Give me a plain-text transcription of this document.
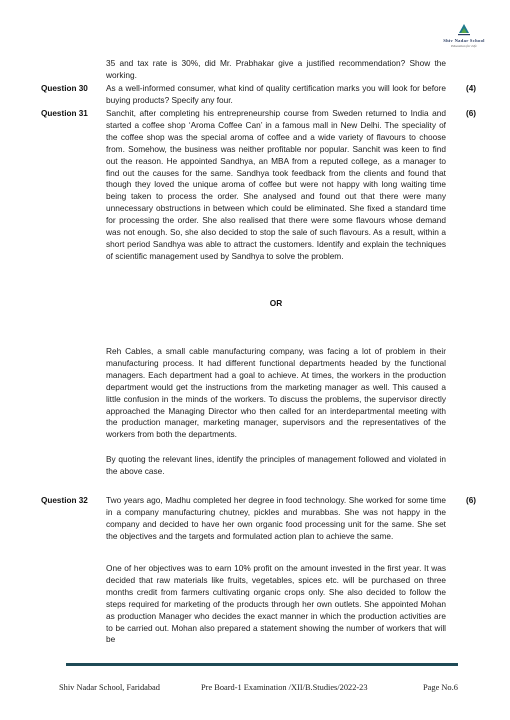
Shiv Nadar School
Education for Life

35 and tax rate is 30%, did Mr. Prabhakar give a justified recommendation? Show the working.

Question 30 As a well-informed consumer, what kind of quality certification marks you will look for before buying products? Specify any four.

(4)
Question 31 Sanchit, after completing his entrepreneurship course from Sweden returned to India and started a coffee shop ‘Aroma Coffee Can’ in a famous mall in New Delhi. The speciality of the coffee shop was the special aroma of coffee and a wide variety of flavours to choose from. Somehow, the business was neither profitable nor popular. Sanchit was keen to find out the reason. He appointed Sandhya, an MBA from a reputed college, as a manager to find out the causes for the same. Sandhya took feedback from the clients and found that though they loved the unique aroma of coffee but were not happy with long waiting time being taken to process the order. She analysed and found out that there were many unnecessary obstructions in between which could be eliminated. She fixed a standard time for processing the order. She also realised that there were some flavours whose demand was not enough. So, she also decided to stop the sale of such flavours. As a result, within a short period Sandhya was able to attract the customers. Identify and explain the techniques of scientific management used by Sandhya to solve the problem.

(6)
OR

Reh Cables, a small cable manufacturing company, was facing a lot of problem in their manufacturing process. It had different functional departments headed by the functional managers. Each department had a goal to achieve. At times, the workers in the production department would get the instructions from the marketing manager as well. This caused a little confusion in the minds of the workers. To discuss the problems, the supervisor directly approached the Managing Director who then called for an interdepartmental meeting with the production manager, marketing manager, supervisors and the representatives of the workers from both the departments.

By quoting the relevant lines, identify the principles of management followed and violated in the above case.

Question 32 Two years ago, Madhu completed her degree in food technology. She worked for some time in a company manufacturing chutney, pickles and murabbas. She was not happy in the company and decided to have her own organic food processing unit for the same. She set the objectives and the targets and formulated action plan to achieve the same.

One of her objectives was to earn 10% profit on the amount invested in the first year. It was decided that raw materials like fruits, vegetables, spices etc. will be purchased on three months credit from farmers cultivating organic crops only. She also decided to follow the steps required for marketing of the products through her own outlets. She appointed Mohan as production Manager who decides the exact manner in which the production activities are to be carried out. Mohan also prepared a statement showing the number of workers that will be

(6)
Shiv Nadar School, Faridabad	Pre Board-1 Examination /XII/B.Studies/2022-23	Page No.6
